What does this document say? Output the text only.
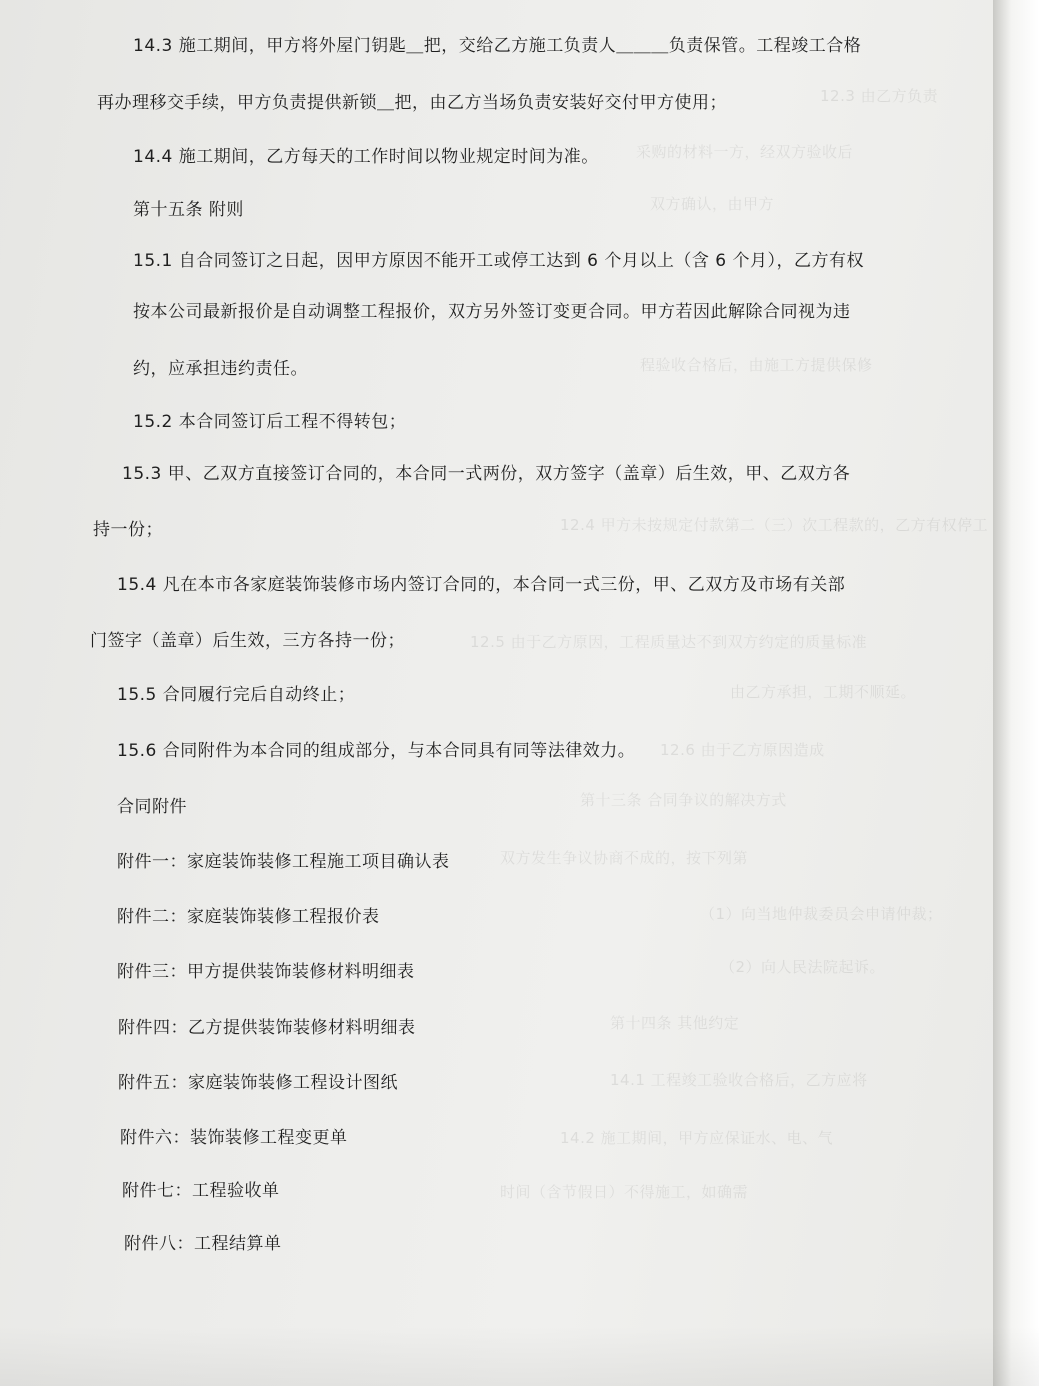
12.3 由乙方负责
采购的材料一方，经双方验收后
双方确认，由甲方
程验收合格后，由施工方提供保修
12.4 甲方未按规定付款第二（三）次工程款的，乙方有权停工
12.5 由于乙方原因，工程质量达不到双方约定的质量标准
由乙方承担，工期不顺延。
12.6 由于乙方原因造成
第十三条 合同争议的解决方式
双方发生争议协商不成的，按下列第
（1）向当地仲裁委员会申请仲裁；
（2）向人民法院起诉。
第十四条 其他约定
14.1 工程竣工验收合格后，乙方应将
14.2 施工期间，甲方应保证水、电、气
时间（含节假日）不得施工，如确需
14.3 施工期间，甲方将外屋门钥匙＿把，交给乙方施工负责人＿＿＿负责保管。工程竣工合格
再办理移交手续，甲方负责提供新锁＿把，由乙方当场负责安装好交付甲方使用；
14.4 施工期间，乙方每天的工作时间以物业规定时间为准。
第十五条 附则
15.1 自合同签订之日起，因甲方原因不能开工或停工达到 6 个月以上（含 6 个月），乙方有权
按本公司最新报价是自动调整工程报价，双方另外签订变更合同。甲方若因此解除合同视为违
约，应承担违约责任。
15.2 本合同签订后工程不得转包；
15.3 甲、乙双方直接签订合同的，本合同一式两份，双方签字（盖章）后生效，甲、乙双方各
持一份；
15.4 凡在本市各家庭装饰装修市场内签订合同的，本合同一式三份，甲、乙双方及市场有关部
门签字（盖章）后生效，三方各持一份；
15.5 合同履行完后自动终止；
15.6 合同附件为本合同的组成部分，与本合同具有同等法律效力。
合同附件
附件一：家庭装饰装修工程施工项目确认表
附件二：家庭装饰装修工程报价表
附件三：甲方提供装饰装修材料明细表
附件四：乙方提供装饰装修材料明细表
附件五：家庭装饰装修工程设计图纸
附件六：装饰装修工程变更单
附件七：工程验收单
附件八：工程结算单
